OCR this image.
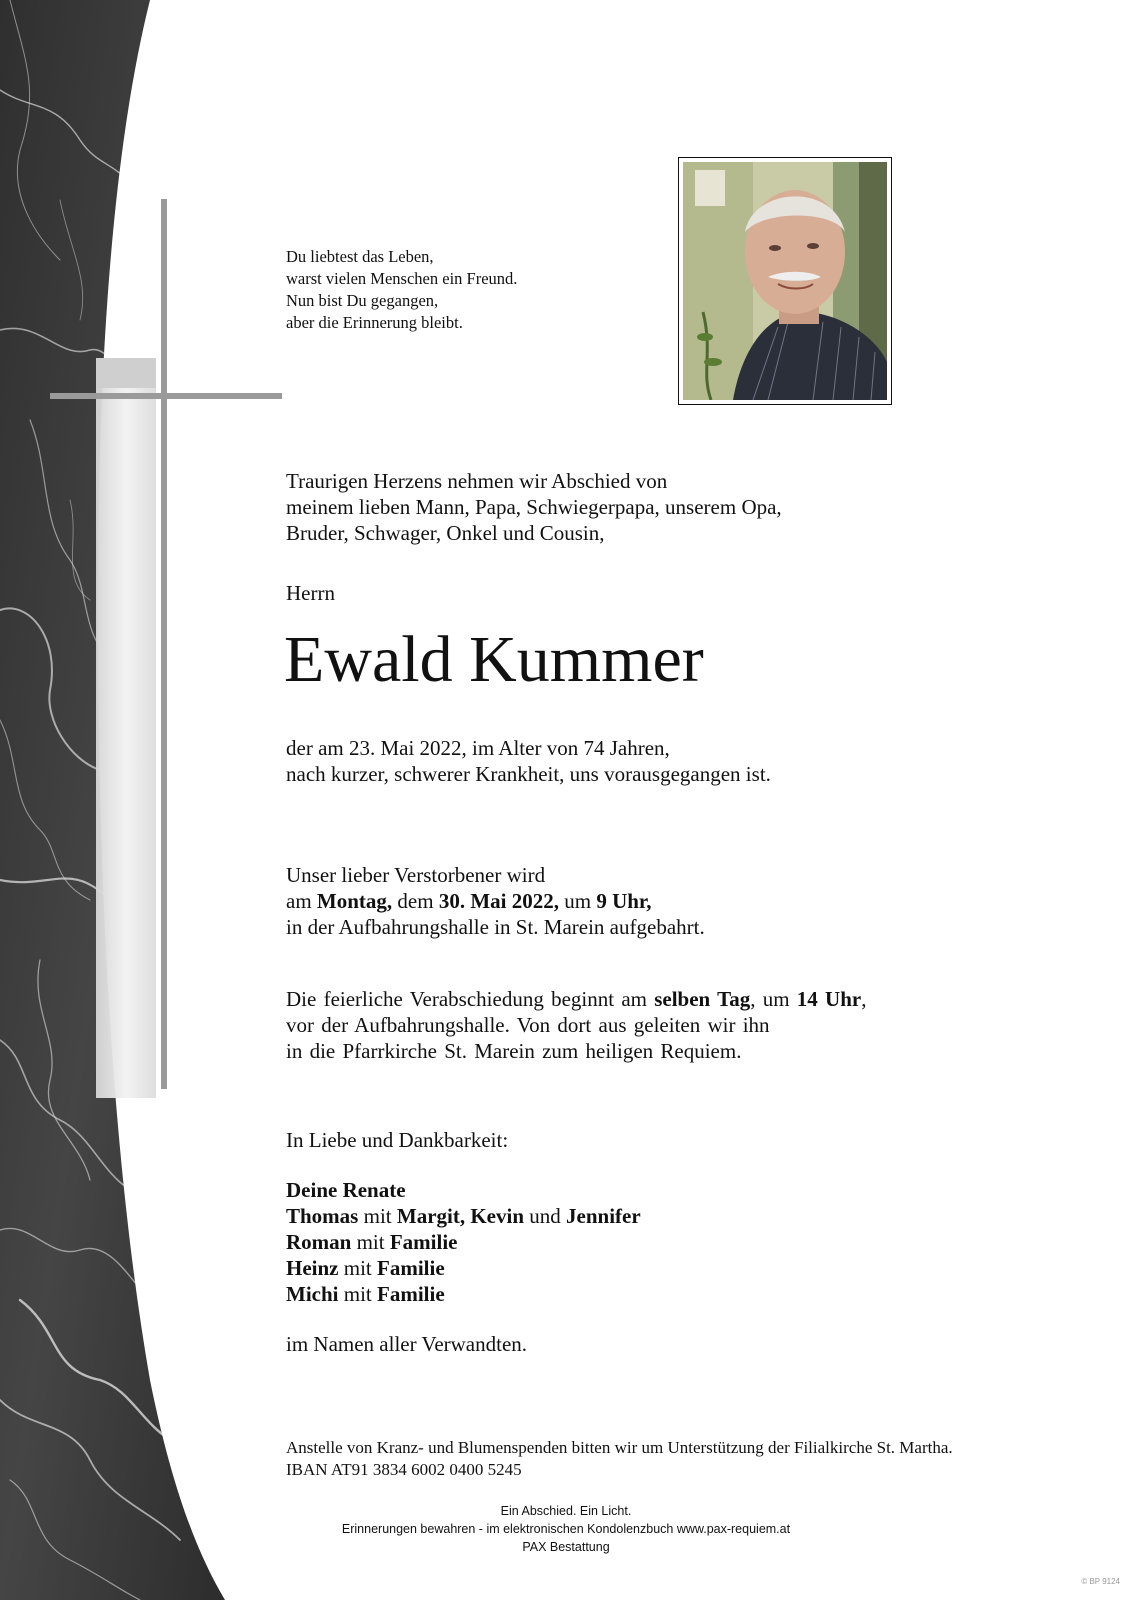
Du liebtest das Leben,
warst vielen Menschen ein Freund.
Nun bist Du gegangen,
aber die Erinnerung bleibt.
Traurigen Herzens nehmen wir Abschied von
meinem lieben Mann, Papa, Schwiegerpapa, unserem Opa,
Bruder, Schwager, Onkel und Cousin,
Herrn
Ewald Kummer
der am 23. Mai 2022, im Alter von 74 Jahren,
nach kurzer, schwerer Krankheit, uns vorausgegangen ist.
Unser lieber Verstorbener wird
am Montag, dem 30. Mai 2022, um 9 Uhr,
in der Aufbahrungshalle in St. Marein aufgebahrt.
Die feierliche Verabschiedung beginnt am selben Tag, um 14 Uhr,
vor der Aufbahrungshalle. Von dort aus geleiten wir ihn
in die Pfarrkirche St. Marein zum heiligen Requiem.
In Liebe und Dankbarkeit:
Deine Renate
Thomas mit Margit, Kevin und Jennifer
Roman mit Familie
Heinz mit Familie
Michi mit Familie
im Namen aller Verwandten.
Anstelle von Kranz- und Blumenspenden bitten wir um Unterstützung der Filialkirche St. Martha.
IBAN AT91 3834 6002 0400 5245
Ein Abschied. Ein Licht.
Erinnerungen bewahren - im elektronischen Kondolenzbuch www.pax-requiem.at
PAX Bestattung
© BP 9124
